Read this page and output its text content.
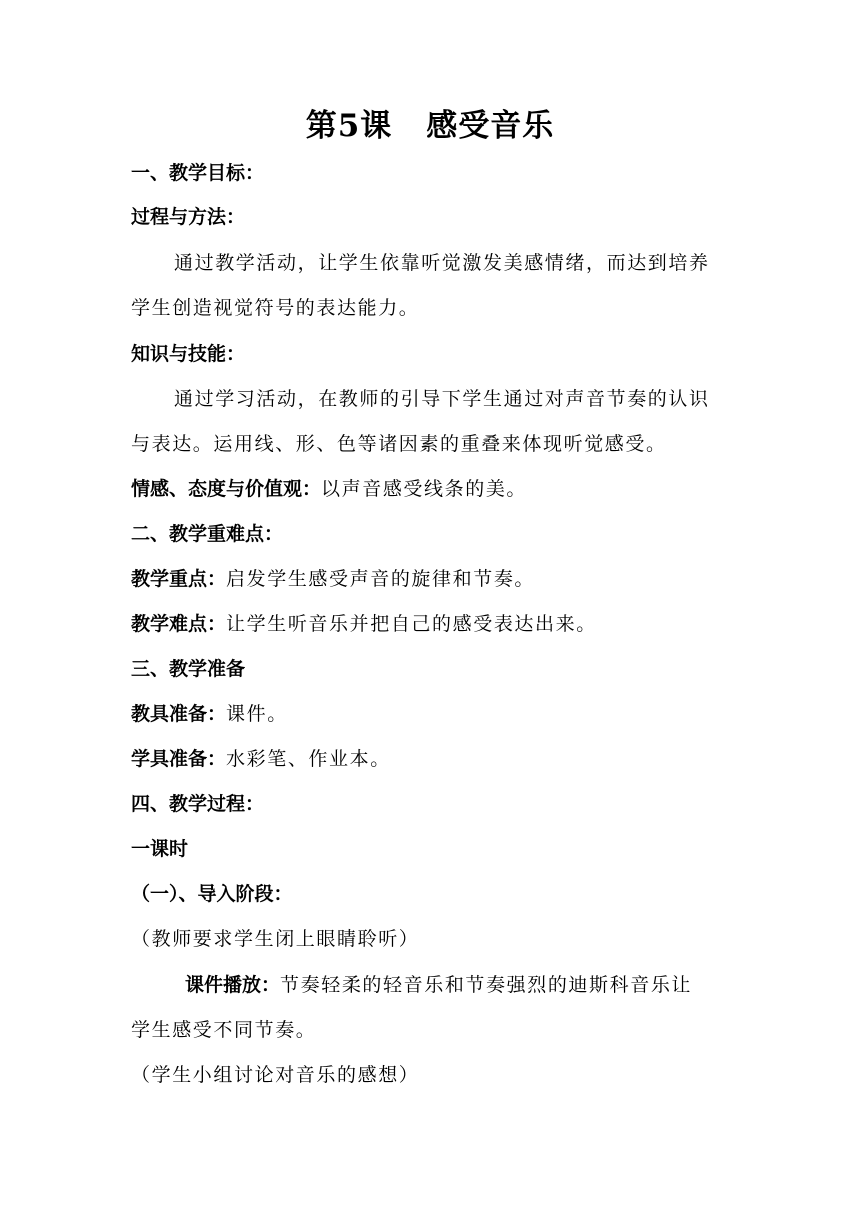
第5课 感受音乐
一、教学目标：
过程与方法：
通过教学活动，让学生依靠听觉激发美感情绪，而达到培养
学生创造视觉符号的表达能力。
知识与技能：
通过学习活动，在教师的引导下学生通过对声音节奏的认识
与表达。运用线、形、色等诸因素的重叠来体现听觉感受。
情感、态度与价值观：以声音感受线条的美。
二、教学重难点：
教学重点：启发学生感受声音的旋律和节奏。
教学难点：让学生听音乐并把自己的感受表达出来。
三、教学准备
教具准备：课件。
学具准备：水彩笔、作业本。
四、教学过程：
一课时
（一）、导入阶段：
（教师要求学生闭上眼睛聆听）
课件播放：节奏轻柔的轻音乐和节奏强烈的迪斯科音乐让
学生感受不同节奏。
（学生小组讨论对音乐的感想）
